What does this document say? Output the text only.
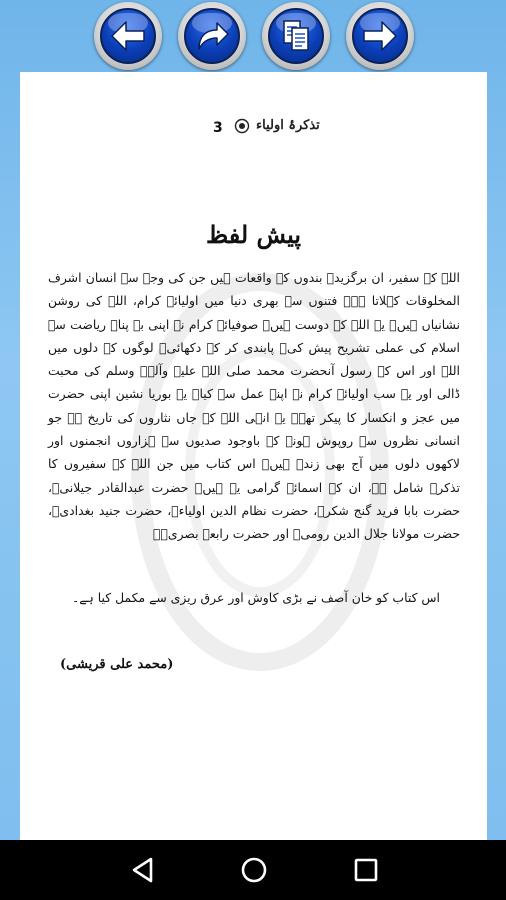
3	تذکرۂ اولیاء
پیش لفظ

اللہ کے سفیر، ان برگزیدہ بندوں کے واقعات ہیں جن کی وجہ سے انسان اشرف المخلوقات کہلاتا ہے۔ فتنوں سے بھری دنیا میں اولیائے کرام، اللہ کی روشن نشانیاں ہیں۔ یہ اللہ کے دوست ہیں۔ صوفیائے کرام نے اپنی بے پناہ ریاضت سے اسلام کی عملی تشریح پیش کی۔ پابندی کر کے دکھائی۔ لوگوں کے دلوں میں اللہ اور اس کے رسول آنحضرت محمد صلی اللہ علیہ وآلہٖ وسلم کی محبت ڈالی اور یہ سب اولیائے کرام نے اپنے عمل سے کیا۔ یہ بوریا نشین اپنی حضرت میں عجز و انکسار کا پیکر تھے۔ یہ انہی اللہ کے جاں نثاروں کی تاریخ ہے جو انسانی نظروں سے روپوش ہونے کے باوجود صدیوں سے ہزاروں انجمنوں اور لاکھوں دلوں میں آج بھی زندہ ہیں۔ اس کتاب میں جن اللہ کے سفیروں کا تذکرہ شامل ہے، ان کے اسمائے گرامی یہ ہیں۔ حضرت عبدالقادر جیلانیؒ، حضرت بابا فرید گنج شکرؒ، حضرت نظام الدین اولیاءؒ، حضرت جنید بغدادیؒ، حضرت مولانا جلال الدین رومیؒ اور حضرت رابعہ بصریؒ۔

اس کتاب کو خان آصف نے بڑی کاوش اور عرق ریزی سے مکمل کیا ہے۔
(محمد علی قریشی)
